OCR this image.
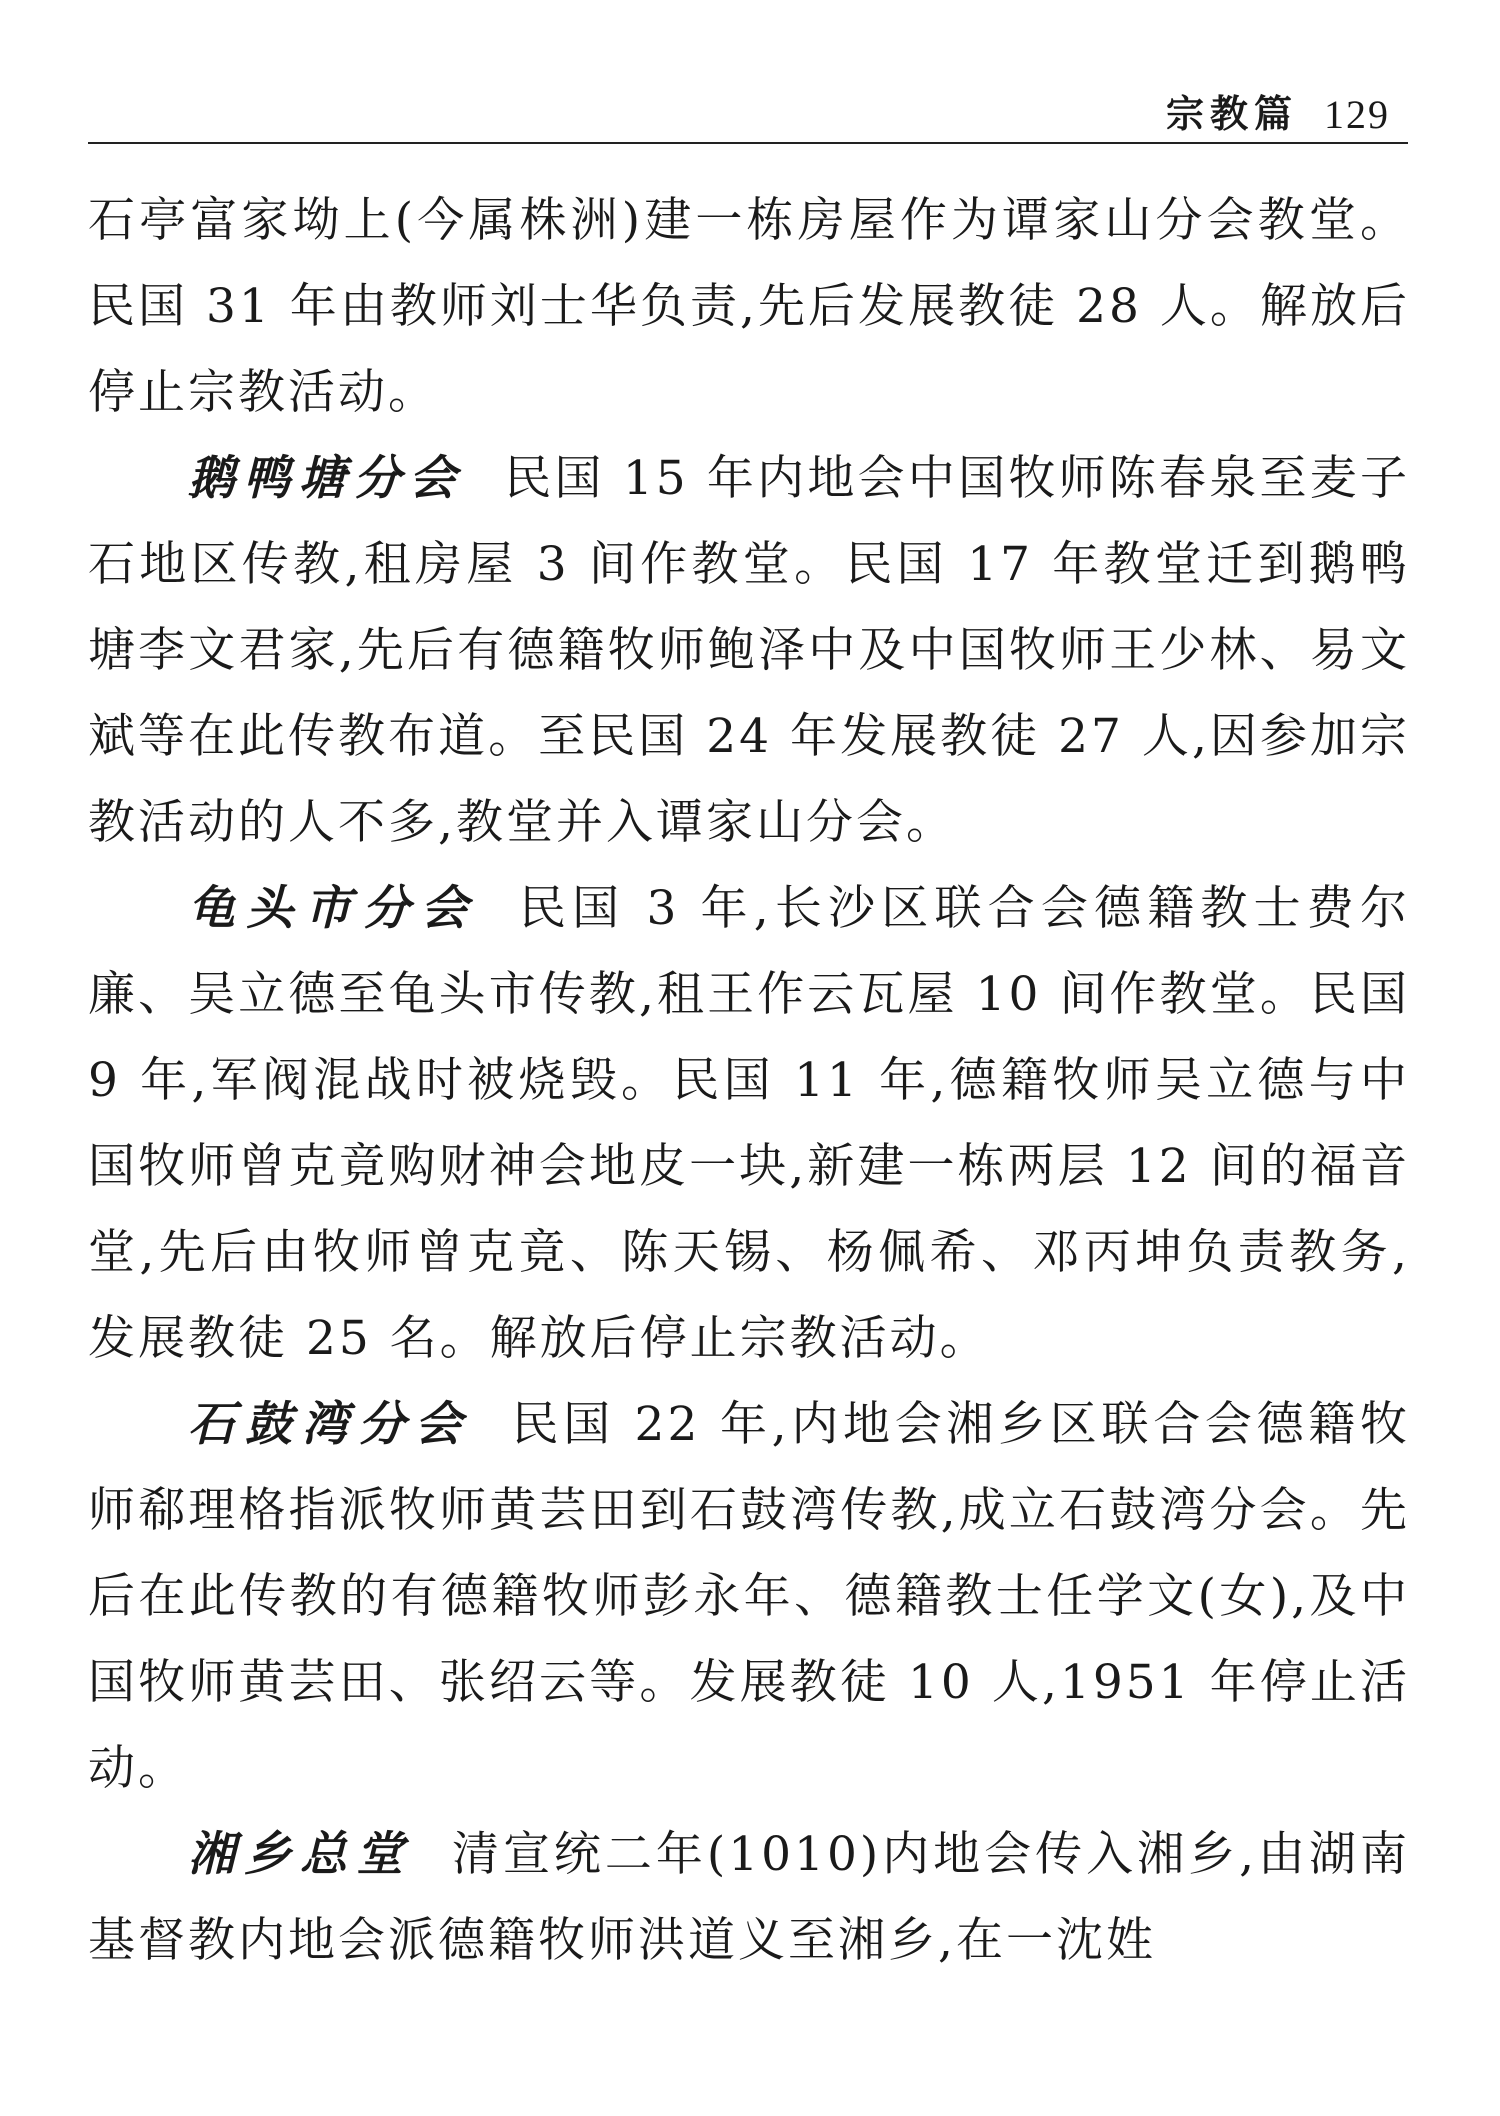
宗教篇 129

石亭富家坳上(今属株洲)建一栋房屋作为谭家山分会教堂。民国 31 年由教师刘士华负责,先后发展教徒 28 人。解放后停止宗教活动。

鹅鸭塘分会 民国 15 年内地会中国牧师陈春泉至麦子石地区传教,租房屋 3 间作教堂。民国 17 年教堂迁到鹅鸭塘李文君家,先后有德籍牧师鲍泽中及中国牧师王少林、易文斌等在此传教布道。至民国 24 年发展教徒 27 人,因参加宗教活动的人不多,教堂并入谭家山分会。

龟头市分会 民国 3 年,长沙区联合会德籍教士费尔廉、吴立德至龟头市传教,租王作云瓦屋 10 间作教堂。民国 9 年,军阀混战时被烧毁。民国 11 年,德籍牧师吴立德与中国牧师曾克竟购财神会地皮一块,新建一栋两层 12 间的福音堂,先后由牧师曾克竟、陈天锡、杨佩希、邓丙坤负责教务,发展教徒 25 名。解放后停止宗教活动。

石鼓湾分会 民国 22 年,内地会湘乡区联合会德籍牧师郗理格指派牧师黄芸田到石鼓湾传教,成立石鼓湾分会。先后在此传教的有德籍牧师彭永年、德籍教士任学文(女),及中国牧师黄芸田、张绍云等。发展教徒 10 人,1951 年停止活动。

湘乡总堂 清宣统二年(1010)内地会传入湘乡,由湖南基督教内地会派德籍牧师洪道义至湘乡,在一沈姓
